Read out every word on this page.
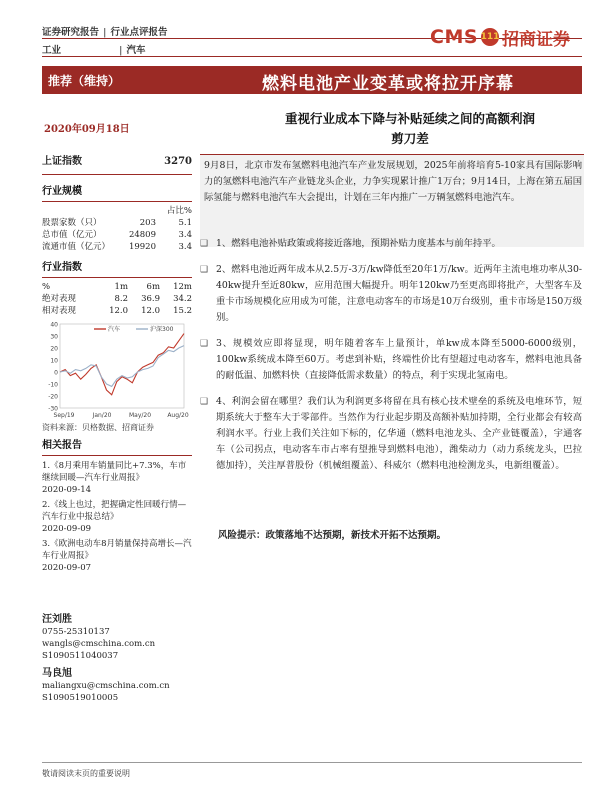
证券研究报告 | 行业点评报告
工业	| 汽车
CMS 111 招商证券
推荐（维持）	燃料电池产业变革或将拉开序幕
2020年09月18日
重视行业成本下降与补贴延续之间的高额利润
剪刀差
上证指数	3270
行业规模
占比%
股票家数（只）	203	5.1
总市值（亿元）	24809	3.4
流通市值（亿元）	19920	3.4
行业指数
%	1m	6m	12m
绝对表现	8.2	36.9	34.2
相对表现	12.0	12.0	15.2
40
30
20
10
0
-10
-20
-30
Sep/19	Jan/20	May/20	Aug/20
汽车	沪深300
资料来源：贝格数据、招商证券
相关报告
1.《8月乘用车销量同比+7.3%，车市继续回暖—汽车行业周报》
2020-09-14
2.《线上也过，把握确定性回暖行情—汽车行业中报总结》
2020-09-09
3.《欧洲电动车8月销量保持高增长—汽车行业周报》
2020-09-07
汪刘胜
0755-25310137
wangls@cmschina.com.cn
S1090511040037
马良旭
maliangxu@cmschina.com.cn
S1090519010005
9月8日，北京市发布氢燃料电池汽车产业发展规划，2025年前将培育5-10家具有国际影响力的氢燃料电池汽车产业链龙头企业，力争实现累计推广1万台；9月14日，上海在第五届国际氢能与燃料电池汽车大会提出，计划在三年内推广一万辆氢燃料电池汽车。
❑ 1、燃料电池补贴政策或将接近落地，预期补贴力度基本与前年持平。
❑ 2、燃料电池近两年成本从2.5万-3万/kw降低至20年1万/kw。近两年主流电堆功率从30-40kw提升至近80kw，应用范围大幅提升。明年120kw乃至更高即将批产，大型客车及重卡市场规模化应用成为可能，注意电动客车的市场是10万台级别，重卡市场是150万级别。
❑ 3、规模效应即将显现，明年随着客车上量预计，单kw成本降至5000-6000级别，100kw系统成本降至60万。考虑到补贴，终端性价比有望超过电动客车，燃料电池具备的耐低温、加燃料快（直接降低需求数量）的特点，利于实现北氢南电。
❑ 4、利润会留在哪里？我们认为利润更多将留在具有核心技术壁垒的系统及电堆环节，短期系统大于整车大于零部件。当然作为行业起步期及高额补贴加持期，全行业都会有较高利润水平。行业上我们关注如下标的，亿华通（燃料电池龙头、全产业链覆盖），宇通客车（公司拐点，电动客车市占率有望推导到燃料电池），潍柴动力（动力系统龙头，巴拉德加持），关注厚普股份（机械组覆盖）、科威尔（燃料电池检测龙头，电新组覆盖）。
风险提示：政策落地不达预期，新技术开拓不达预期。
敬请阅读末页的重要说明
